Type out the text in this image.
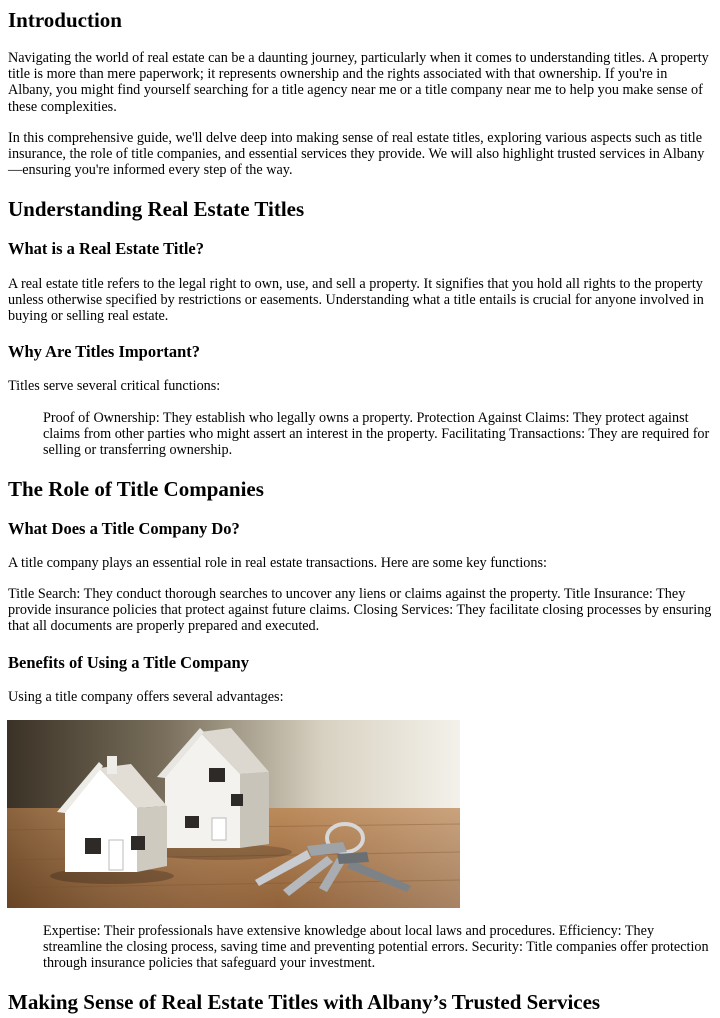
Introduction

Navigating the world of real estate can be a daunting journey, particularly when it comes to understanding titles. A property title is more than mere paperwork; it represents ownership and the rights associated with that ownership. If you're in Albany, you might find yourself searching for a title agency near me or a title company near me to help you make sense of these complexities.

In this comprehensive guide, we'll delve deep into making sense of real estate titles, exploring various aspects such as title insurance, the role of title companies, and essential services they provide. We will also highlight trusted services in Albany—ensuring you're informed every step of the way.

Understanding Real Estate Titles
What is a Real Estate Title?

A real estate title refers to the legal right to own, use, and sell a property. It signifies that you hold all rights to the property unless otherwise specified by restrictions or easements. Understanding what a title entails is crucial for anyone involved in buying or selling real estate.

Why Are Titles Important?

Titles serve several critical functions:

Proof of Ownership: They establish who legally owns a property. Protection Against Claims: They protect against claims from other parties who might assert an interest in the property. Facilitating Transactions: They are required for selling or transferring ownership.

The Role of Title Companies
What Does a Title Company Do?

A title company plays an essential role in real estate transactions. Here are some key functions:

Title Search: They conduct thorough searches to uncover any liens or claims against the property. Title Insurance: They provide insurance policies that protect against future claims. Closing Services: They facilitate closing processes by ensuring that all documents are properly prepared and executed.

Benefits of Using a Title Company

Using a title company offers several advantages:

Expertise: Their professionals have extensive knowledge about local laws and procedures. Efficiency: They streamline the closing process, saving time and preventing potential errors. Security: Title companies offer protection through insurance policies that safeguard your investment.

Making Sense of Real Estate Titles with Albany’s Trusted Services
